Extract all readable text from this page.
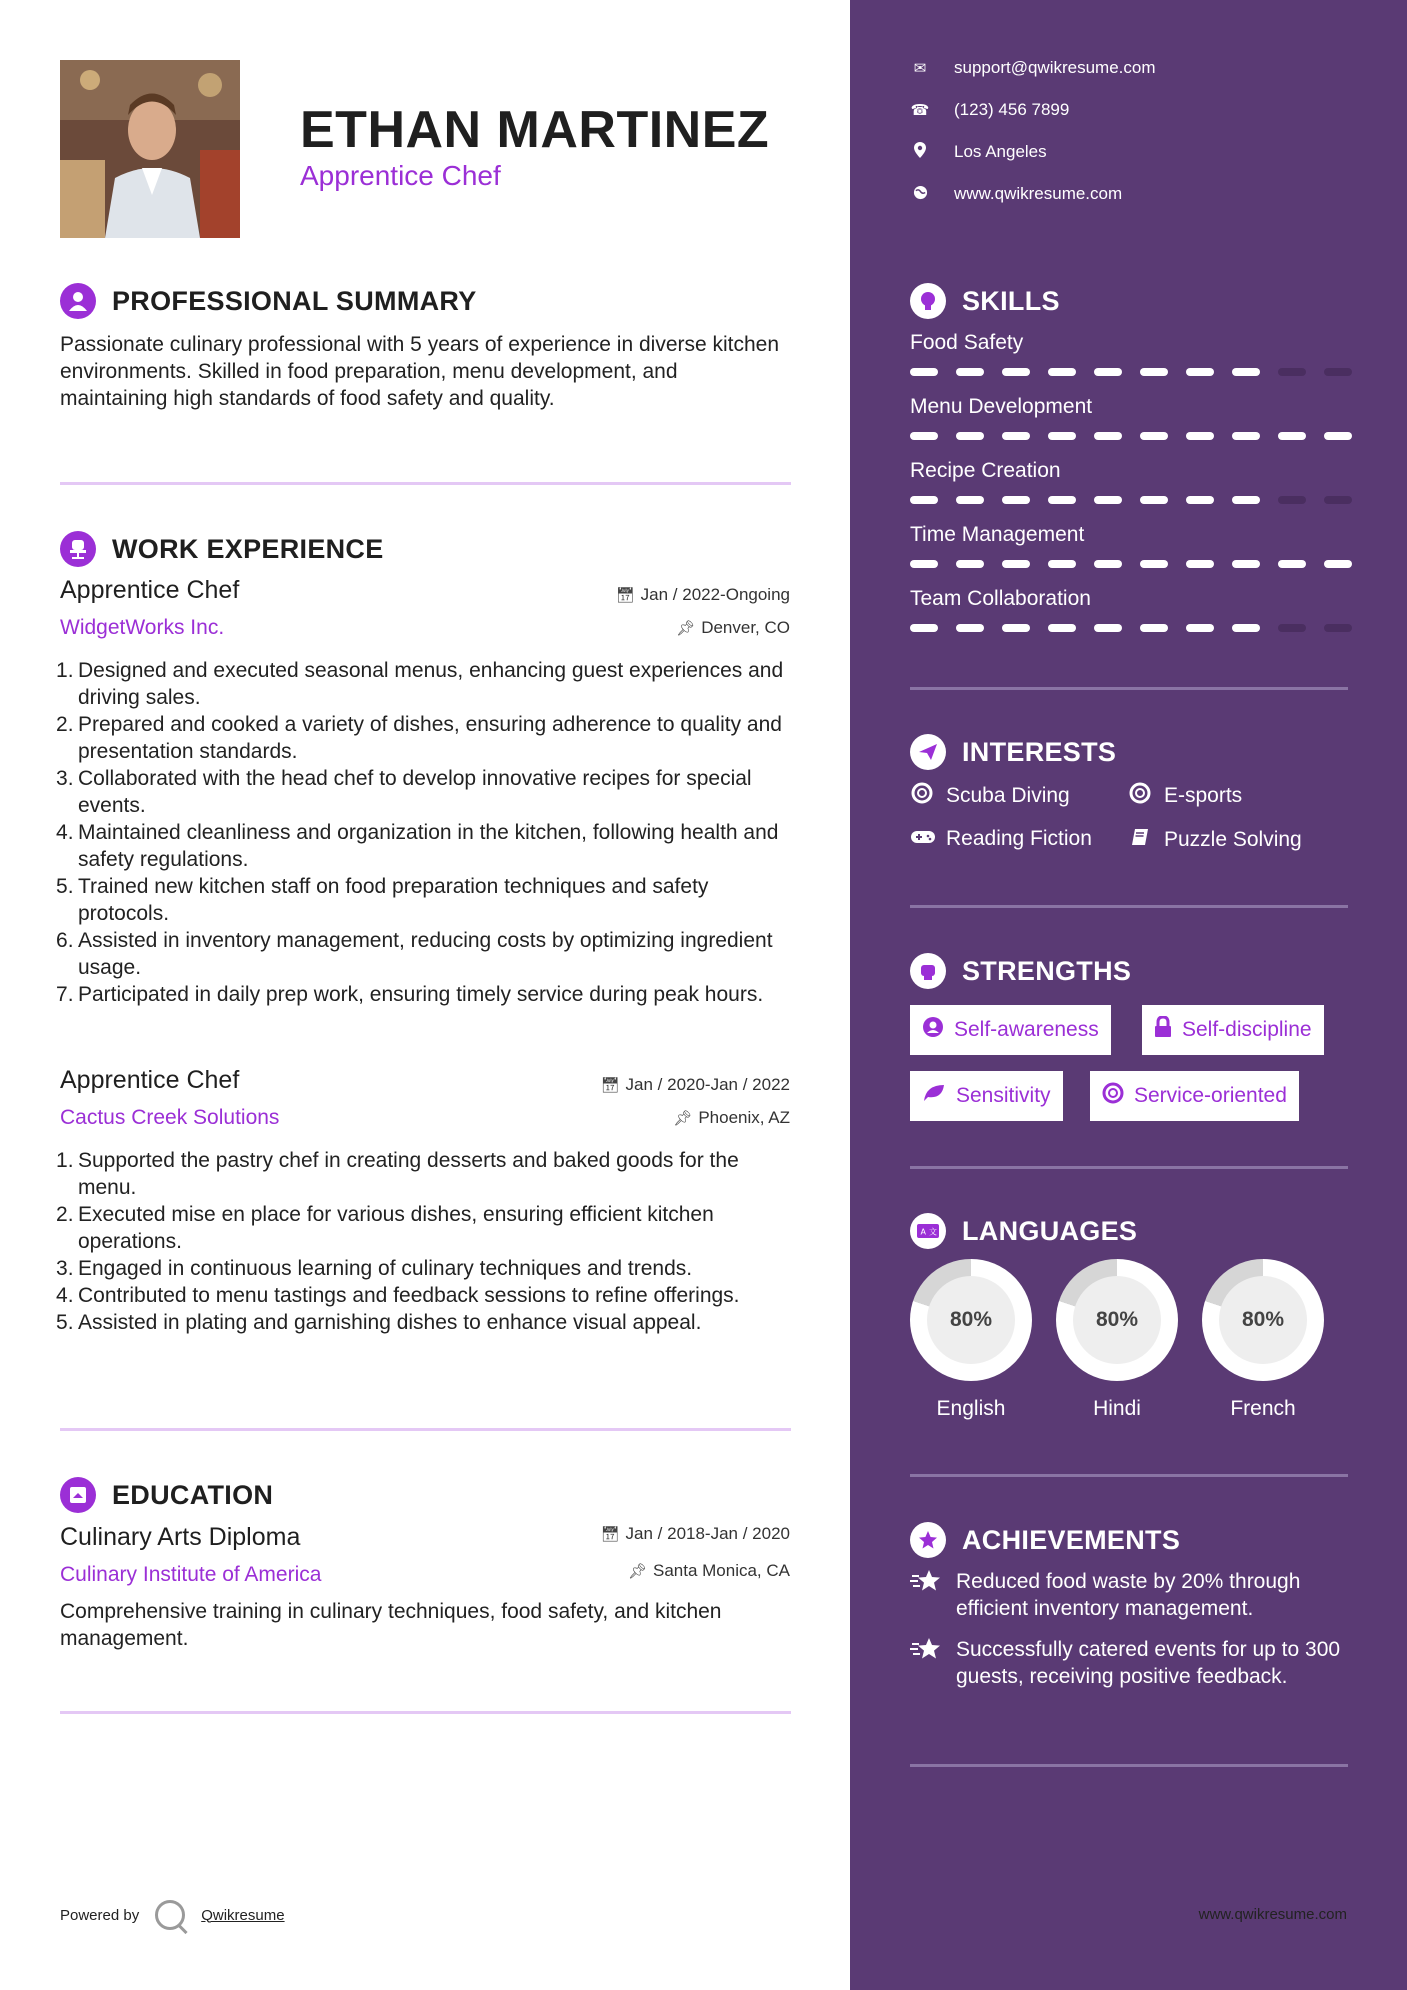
ETHAN MARTINEZ
Apprentice Chef
PROFESSIONAL SUMMARY
Passionate culinary professional with 5 years of experience in diverse kitchen environments. Skilled in food preparation, menu development, and maintaining high standards of food safety and quality.
WORK EXPERIENCE
Apprentice Chef
WidgetWorks Inc.
📅︎ Jan / 2022-Ongoing
📌︎ Denver, CO
Designed and executed seasonal menus, enhancing guest experiences and driving sales.
Prepared and cooked a variety of dishes, ensuring adherence to quality and presentation standards.
Collaborated with the head chef to develop innovative recipes for special events.
Maintained cleanliness and organization in the kitchen, following health and safety regulations.
Trained new kitchen staff on food preparation techniques and safety protocols.
Assisted in inventory management, reducing costs by optimizing ingredient usage.
Participated in daily prep work, ensuring timely service during peak hours.
Apprentice Chef
Cactus Creek Solutions
📅︎ Jan / 2020-Jan / 2022
📌︎ Phoenix, AZ
Supported the pastry chef in creating desserts and baked goods for the menu.
Executed mise en place for various dishes, ensuring efficient kitchen operations.
Engaged in continuous learning of culinary techniques and trends.
Contributed to menu tastings and feedback sessions to refine offerings.
Assisted in plating and garnishing dishes to enhance visual appeal.
EDUCATION
Culinary Arts Diploma
Culinary Institute of America
📅︎ Jan / 2018-Jan / 2020
📌︎ Santa Monica, CA
Comprehensive training in culinary techniques, food safety, and kitchen management.
Powered by	Qwikresume
✉︎ support@qwikresume.com
☎︎ (123) 456 7899
Los Angeles
www.qwikresume.com
SKILLS
Food Safety
Menu Development
Recipe Creation
Time Management
Team Collaboration
INTERESTS
Scuba Diving	E-sports
Reading Fiction	Puzzle Solving
STRENGTHS
Self-awareness	Self-discipline
Sensitivity	Service-oriented
A 文 LANGUAGES
80%	80%	80%
English	Hindi	French
ACHIEVEMENTS
Reduced food waste by 20% through efficient inventory management.
Successfully catered events for up to 300 guests, receiving positive feedback.
www.qwikresume.com
